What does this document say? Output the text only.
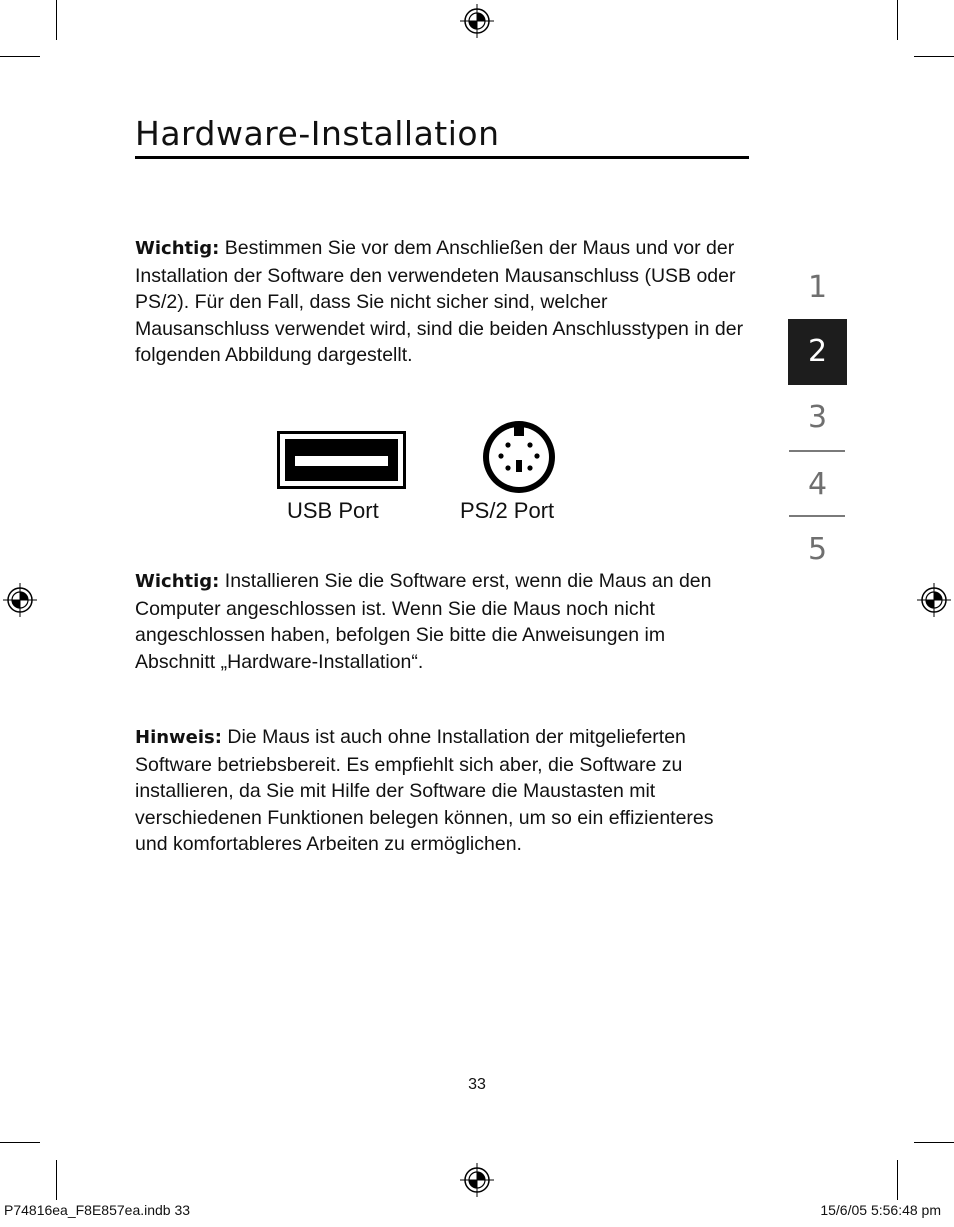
Hardware-Installation
Wichtig: Bestimmen Sie vor dem Anschließen der Maus und vor der Installation der Software den verwendeten Mausanschluss (USB oder PS/2). Für den Fall, dass Sie nicht sicher sind, welcher Mausanschluss verwendet wird, sind die beiden Anschlusstypen in der folgenden Abbildung dargestellt.
USB Port	PS/2 Port
Wichtig: Installieren Sie die Software erst, wenn die Maus an den Computer angeschlossen ist. Wenn Sie die Maus noch nicht angeschlossen haben, befolgen Sie bitte die Anweisungen im Abschnitt „Hardware-Installation“.
Hinweis: Die Maus ist auch ohne Installation der mitgelieferten Software betriebsbereit. Es empfiehlt sich aber, die Software zu installieren, da Sie mit Hilfe der Software die Maustasten mit verschiedenen Funktionen belegen können, um so ein effizienteres und komfortableres Arbeiten zu ermöglichen.
1
2
3
4
5
33
P74816ea_F8E857ea.indb 33	15/6/05 5:56:48 pm
